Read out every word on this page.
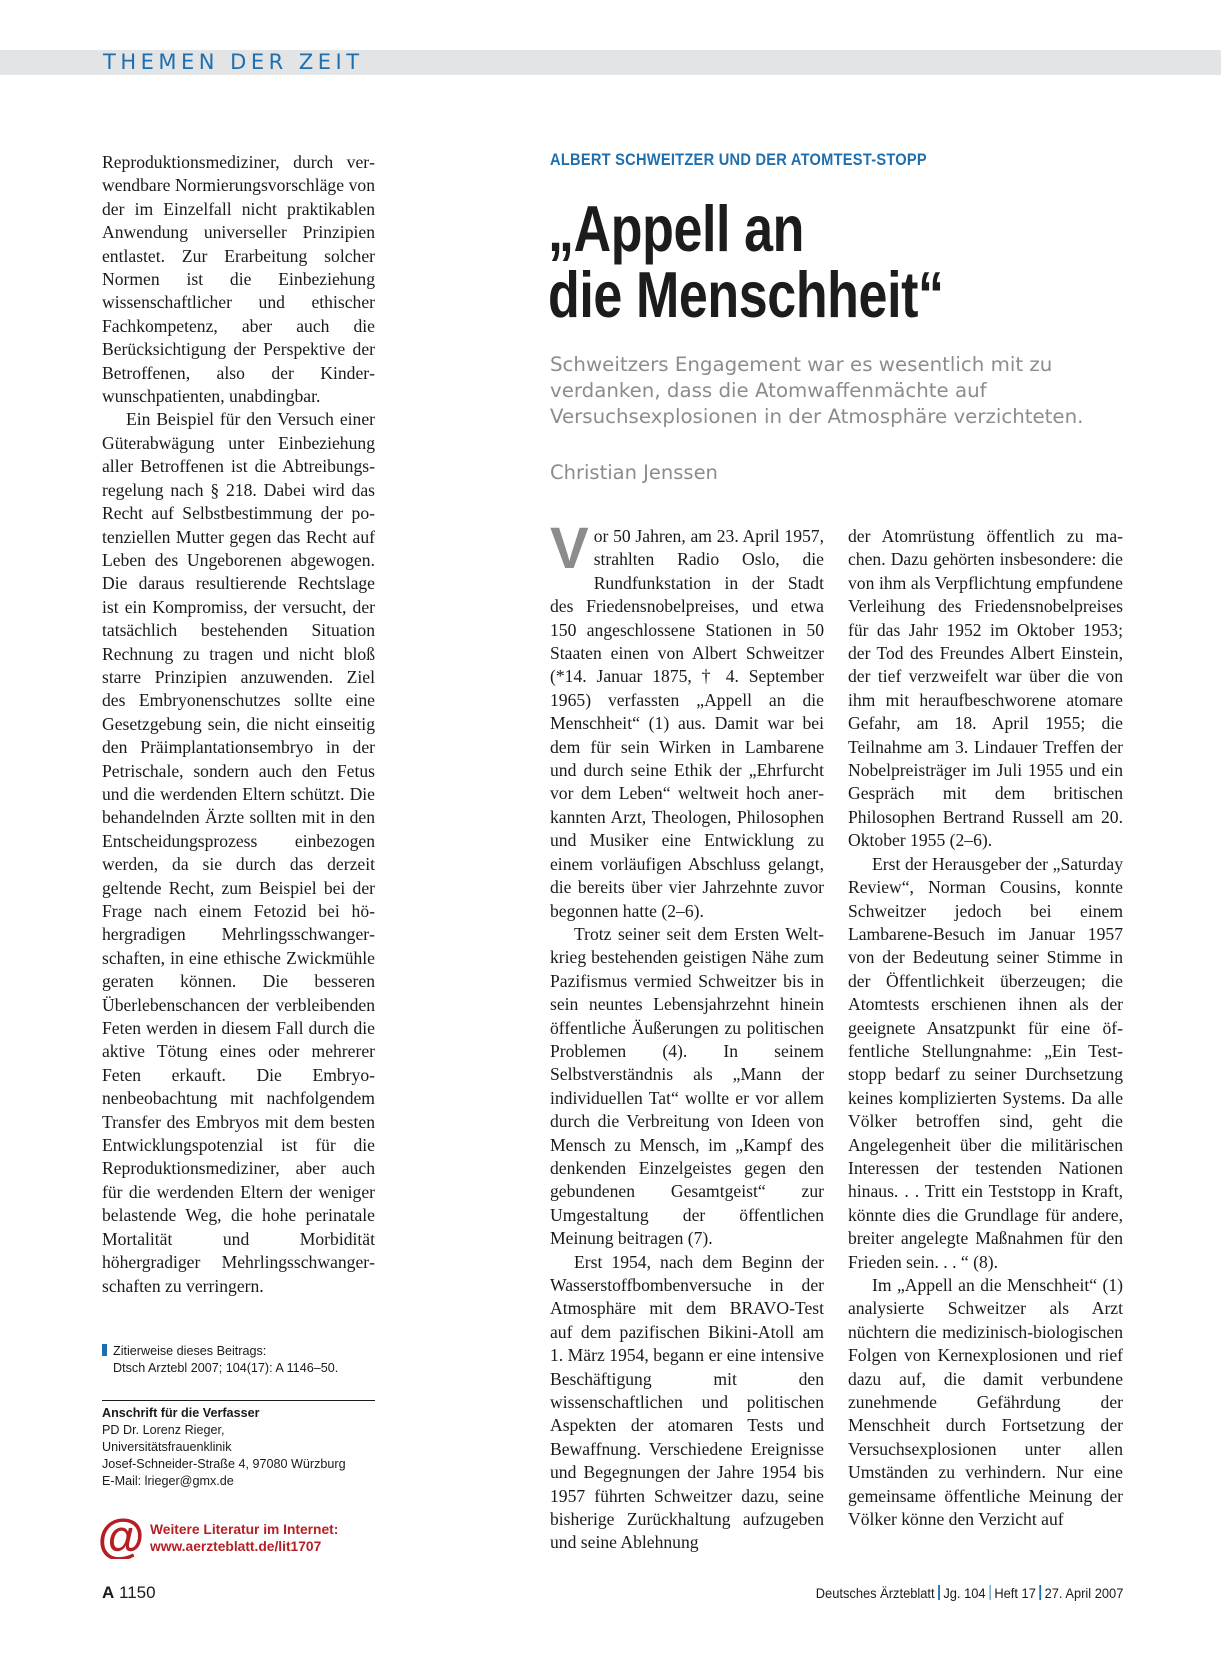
THEMEN DER ZEIT

Reproduktionsmediziner, durch verwendbare Normierungsvorschläge von der im Einzelfall nicht praktikablen Anwendung universeller Prinzipien entlastet. Zur Erarbeitung solcher Normen ist die Einbeziehung wissenschaftlicher und ethischer Fachkompetenz, aber auch die Berücksichtigung der Perspektive der Betroffenen, also der Kinderwunschpatienten, unabdingbar.

Ein Beispiel für den Versuch einer Güterabwägung unter Einbeziehung aller Betroffenen ist die Abtreibungsregelung nach § 218. Dabei wird das Recht auf Selbstbestimmung der potenziellen Mutter gegen das Recht auf Leben des Ungeborenen abgewogen. Die daraus resultierende Rechtslage ist ein Kompromiss, der versucht, der tatsächlich bestehenden Situation Rechnung zu tragen und nicht bloß starre Prinzipien anzuwenden. Ziel des Embryonenschutzes sollte eine Gesetzgebung sein, die nicht einseitig den Präimplantationsembryo in der Petrischale, sondern auch den Fetus und die werdenden Eltern schützt. Die behandelnden Ärzte sollten mit in den Entscheidungsprozess einbezogen werden, da sie durch das derzeit geltende Recht, zum Beispiel bei der Frage nach einem Fetozid bei höhergradigen Mehrlingsschwangerschaften, in eine ethische Zwickmühle geraten können. Die besseren Überlebenschancen der verbleibenden Feten werden in diesem Fall durch die aktive Tötung eines oder mehrerer Feten erkauft. Die Embryonenbeobachtung mit nachfolgendem Transfer des Embryos mit dem besten Entwicklungspotenzial ist für die Reproduktionsmediziner, aber auch für die werdenden Eltern der weniger belastende Weg, die hohe perinatale Mortalität und Morbidität höhergradiger Mehrlingsschwangerschaften zu verringern.

Zitierweise dieses Beitrags:
Dtsch Arztebl 2007; 104(17): A 1146–50.
Anschrift für die Verfasser
PD Dr. Lorenz Rieger,
Universitätsfrauenklinik
Josef-Schneider-Straße 4, 97080 Würzburg
E-Mail: lrieger@gmx.de
@ Weitere Literatur im Internet:
www.aerzteblatt.de/lit1707
ALBERT SCHWEITZER UND DER ATOMTEST-STOPP
„Appell an
die Menschheit“
Schweitzers Engagement war es wesentlich mit zu verdanken, dass die Atomwaffenmächte auf Versuchsexplosionen in der Atmosphäre verzichteten.
Christian Jenssen

Vor 50 Jahren, am 23. April 1957, strahlten Radio Oslo, die Rundfunkstation in der Stadt des Friedensnobelpreises, und etwa 150 angeschlossene Stationen in 50 Staaten einen von Albert Schweitzer (*14. Januar 1875, † 4. September 1965) verfassten „Appell an die Menschheit“ (1) aus. Damit war bei dem für sein Wirken in Lambarene und durch seine Ethik der „Ehrfurcht vor dem Leben“ weltweit hoch anerkannten Arzt, Theologen, Philosophen und Musiker eine Entwicklung zu einem vorläufigen Abschluss gelangt, die bereits über vier Jahrzehnte zuvor begonnen hatte (2–6).

Trotz seiner seit dem Ersten Weltkrieg bestehenden geistigen Nähe zum Pazifismus vermied Schweitzer bis in sein neuntes Lebensjahrzehnt hinein öffentliche Äußerungen zu politischen Problemen (4). In seinem Selbstverständnis als „Mann der individuellen Tat“ wollte er vor allem durch die Verbreitung von Ideen von Mensch zu Mensch, im „Kampf des denkenden Einzelgeistes gegen den gebundenen Gesamtgeist“ zur Umgestaltung der öffentlichen Meinung beitragen (7).

Erst 1954, nach dem Beginn der Wasserstoffbombenversuche in der Atmosphäre mit dem BRAVO-Test auf dem pazifischen Bikini-Atoll am 1. März 1954, begann er eine intensive Beschäftigung mit den wissenschaftlichen und politischen Aspekten der atomaren Tests und Bewaffnung. Verschiedene Ereignisse und Begegnungen der Jahre 1954 bis 1957 führten Schweitzer dazu, seine bisherige Zurückhaltung aufzugeben und seine Ablehnung

der Atomrüstung öffentlich zu machen. Dazu gehörten insbesondere: die von ihm als Verpflichtung empfundene Verleihung des Friedensnobelpreises für das Jahr 1952 im Oktober 1953; der Tod des Freundes Albert Einstein, der tief verzweifelt war über die von ihm mit heraufbeschworene atomare Gefahr, am 18. April 1955; die Teilnahme am 3. Lindauer Treffen der Nobelpreisträger im Juli 1955 und ein Gespräch mit dem britischen Philosophen Bertrand Russell am 20. Oktober 1955 (2–6).

Erst der Herausgeber der „Saturday Review“, Norman Cousins, konnte Schweitzer jedoch bei einem Lambarene-Besuch im Januar 1957 von der Bedeutung seiner Stimme in der Öffentlichkeit überzeugen; die Atomtests erschienen ihnen als der geeignete Ansatzpunkt für eine öffentliche Stellungnahme: „Ein Teststopp bedarf zu seiner Durchsetzung keines komplizierten Systems. Da alle Völker betroffen sind, geht die Angelegenheit über die militärischen Interessen der testenden Nationen hinaus. . . Tritt ein Teststopp in Kraft, könnte dies die Grundlage für andere, breiter angelegte Maßnahmen für den Frieden sein. . . “ (8).

Im „Appell an die Menschheit“ (1) analysierte Schweitzer als Arzt nüchtern die medizinisch-biologischen Folgen von Kernexplosionen und rief dazu auf, die damit verbundene zunehmende Gefährdung der Menschheit durch Fortsetzung der Versuchsexplosionen unter allen Umständen zu verhindern. Nur eine gemeinsame öffentliche Meinung der Völker könne den Verzicht auf

A 1150	Deutsches Ärzteblatt Jg. 104 Heft 17 27. April 2007
